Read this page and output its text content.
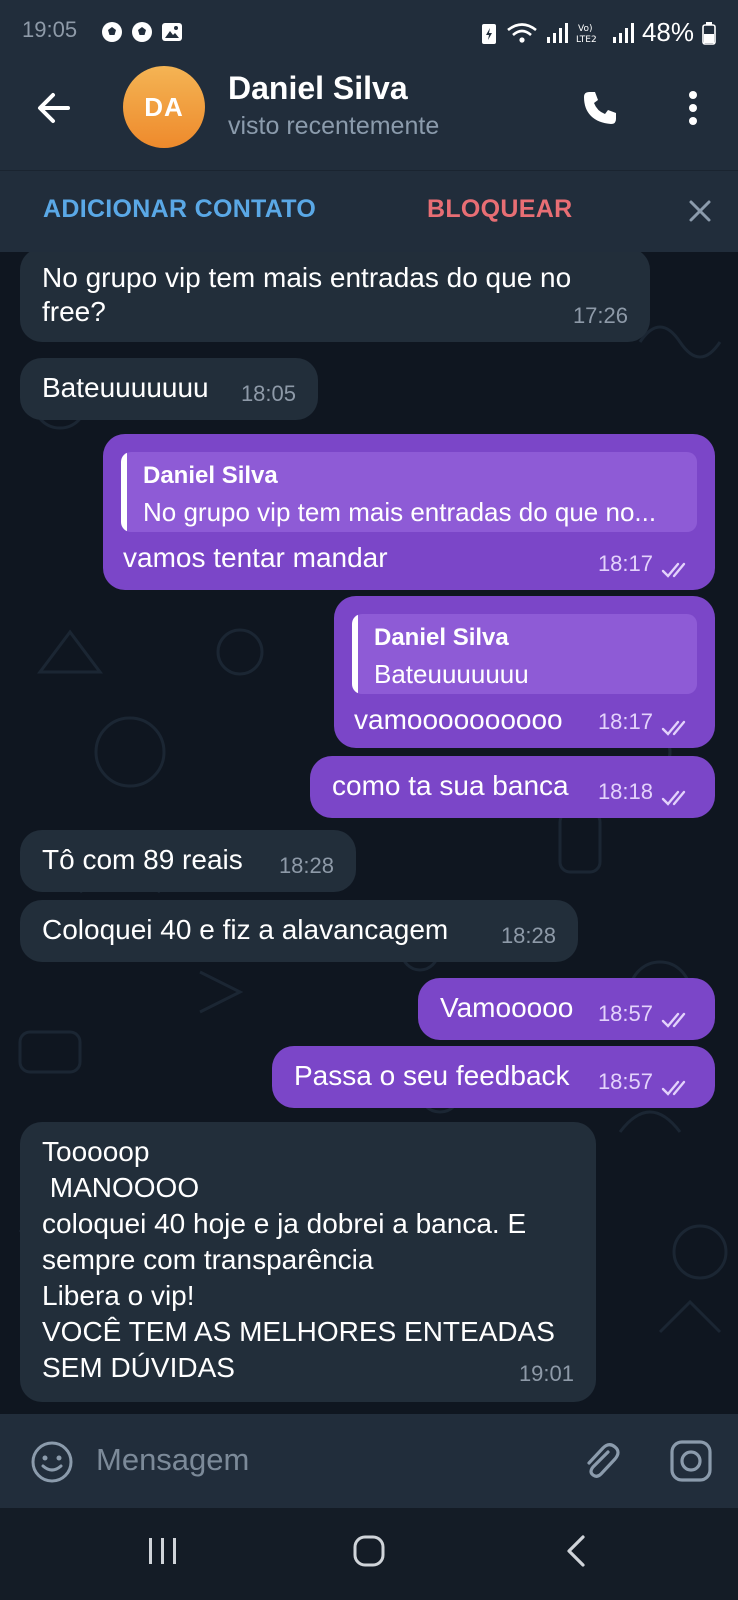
19:05	Vo)
LTE2 48%
DA
Daniel Silva
visto recentemente
ADICIONAR CONTATO	BLOQUEAR
No grupo vip tem mais entradas do que no
free?	17:26
Bateuuuuuuu 18:05
Daniel Silva
No grupo vip tem mais entradas do que no...
vamos tentar mandar	18:17
Daniel Silva
Bateuuuuuuu
vamoooooooooo 18:17
como ta sua banca 18:18
Tô com 89 reais 18:28
Coloquei 40 e fiz a alavancagem 18:28
Vamooooo 18:57
Passa o seu feedback 18:57
Tooooop
MANOOOO
coloquei 40 hoje e ja dobrei a banca. E
sempre com transparência
Libera o vip!
VOCÊ TEM AS MELHORES ENTEADAS
SEM DÚVIDAS	19:01
Mensagem
